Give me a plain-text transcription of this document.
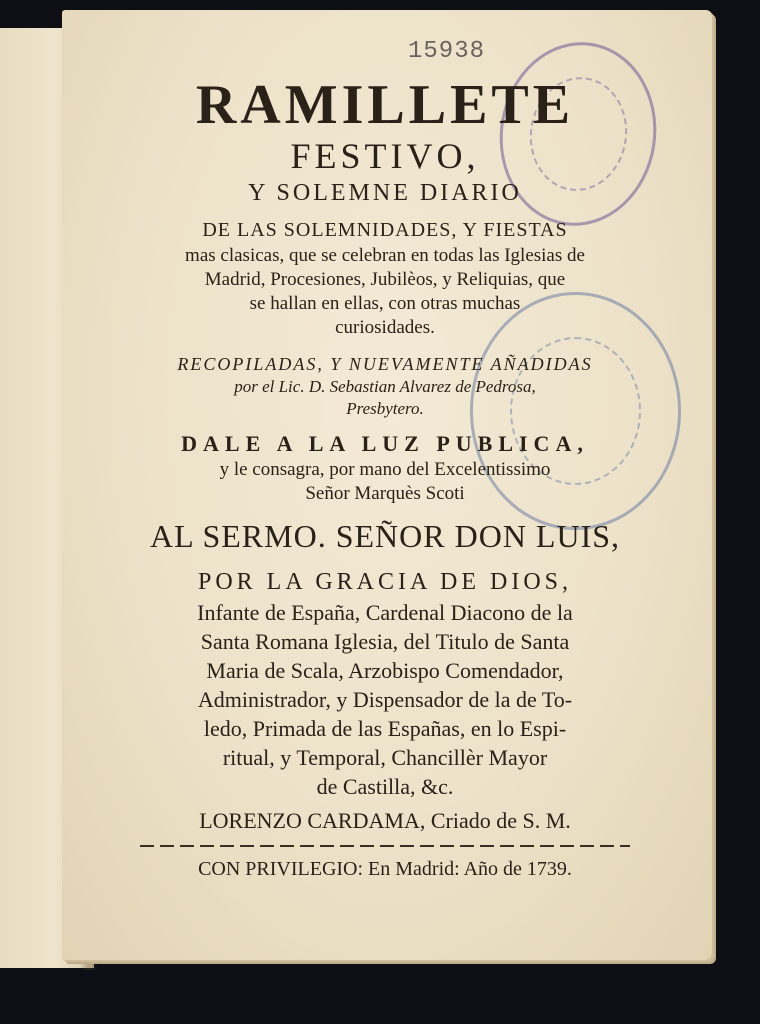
15938
RAMILLETE
FESTIVO,
Y SOLEMNE DIARIO
DE LAS SOLEMNIDADES, Y FIESTAS
mas clasicas, que se celebran en todas las Iglesias de
Madrid, Procesiones, Jubilèos, y Reliquias, que
se hallan en ellas, con otras muchas
curiosidades.
RECOPILADAS, Y NUEVAMENTE AÑADIDAS
por el Lic. D. Sebastian Alvarez de Pedrosa,
Presbytero.
DALE A LA LUZ PUBLICA,
y le consagra, por mano del Excelentissimo
Señor Marquès Scoti
AL SERMO. SEÑOR DON LUIS,
POR LA GRACIA DE DIOS,
Infante de España, Cardenal Diacono de la
Santa Romana Iglesia, del Titulo de Santa
Maria de Scala, Arzobispo Comendador,
Administrador, y Dispensador de la de To-
ledo, Primada de las Españas, en lo Espi-
ritual, y Temporal, Chancillèr Mayor
de Castilla, &c.
LORENZO CARDAMA, Criado de S. M.
CON PRIVILEGIO: En Madrid: Año de 1739.
